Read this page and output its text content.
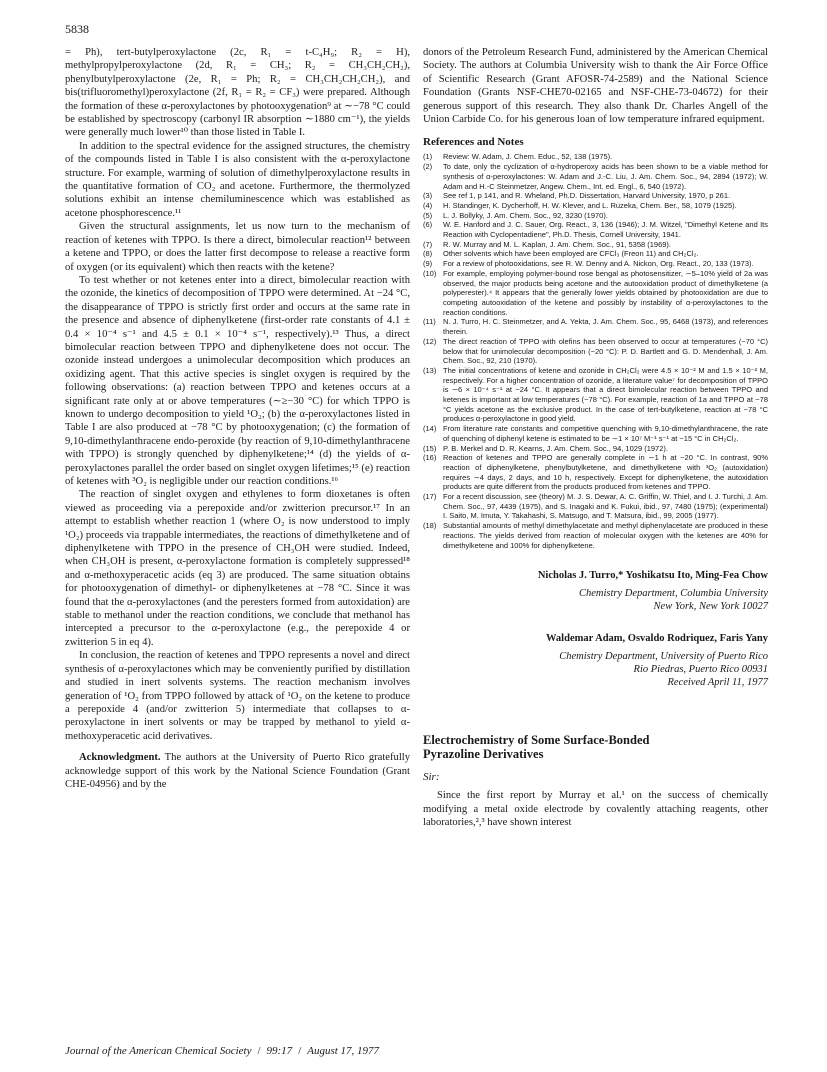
5838

= Ph), tert-butylperoxylactone (2c, R₁ = t-C₄H₉; R₂ = H), methylpropylperoxylactone (2d, R₁ = CH₃; R₂ = CH₃CH₂CH₂), phenylbutylperoxylactone (2e, R₁ = Ph; R₂ = CH₃CH₂CH₂CH₂), and bis(trifluoromethyl)peroxylactone (2f, R₁ = R₂ = CF₃) were prepared. Although the formation of these α-peroxylactones by photooxygenation⁹ at ∼−78 °C could be established by spectroscopy (carbonyl IR absorption ∼1880 cm⁻¹), the yields were generally much lower¹⁰ than those listed in Table I.

In addition to the spectral evidence for the assigned structures, the chemistry of the compounds listed in Table I is also consistent with the α-peroxylactone structure. For example, warming of solution of dimethylperoxylactone results in the quantitative formation of CO₂ and acetone. Furthermore, the thermolyzed solutions exhibit an intense chemiluminescence which was established as acetone phosphorescence.¹¹

Given the structural assignments, let us now turn to the mechanism of reaction of ketenes with TPPO. Is there a direct, bimolecular reaction¹² between a ketene and TPPO, or does the latter first decompose to release a reactive form of oxygen (or its equivalent) which then reacts with the ketene?

To test whether or not ketenes enter into a direct, bimolecular reaction with the ozonide, the kinetics of decomposition of TPPO were determined. At −24 °C, the disappearance of TPPO is strictly first order and occurs at the same rate in the presence and absence of diphenylketene (first-order rate constants of 4.1 ± 0.4 × 10⁻⁴ s⁻¹ and 4.5 ± 0.1 × 10⁻⁴ s⁻¹, respectively).¹³ Thus, a direct bimolecular reaction between TPPO and diphenylketene does not occur. The ozonide instead undergoes a unimolecular decomposition which produces an oxidizing agent. That this active species is singlet oxygen is required by the following observations: (a) reaction between TPPO and ketenes occurs at a significant rate only at or above temperatures (∼≥−30 °C) for which TPPO is known to undergo decomposition to yield ¹O₂; (b) the α-peroxylactones listed in Table I are also produced at −78 °C by photooxygenation; (c) the formation of 9,10-dimethylanthracene endo-peroxide (by reaction of 9,10-dimethylanthracene with TPPO) is strongly quenched by diphenylketene;¹⁴ (d) the yields of α-peroxylactones parallel the order based on singlet oxygen lifetimes;¹⁵ (e) reaction of ketenes with ³O₂ is negligible under our reaction conditions.¹⁶

The reaction of singlet oxygen and ethylenes to form dioxetanes is often viewed as proceeding via a perepoxide and/or zwitterion precursor.¹⁷ In an attempt to establish whether reaction 1 (where O₂ is now understood to imply ¹O₂) proceeds via trappable intermediates, the reactions of dimethylketene and of diphenylketene with TPPO in the presence of CH₃OH were studied. Indeed, when CH₃OH is present, α-peroxylactone formation is completely suppressed¹⁸ and α-methoxyperacetic acids (eq 3) are produced. The same situation obtains for photooxygenation of dimethyl- or diphenylketenes at −78 °C. Since it was found that the α-peroxylactones (and the peresters formed from autoxidation) are stable to methanol under the reaction conditions, we conclude that methanol has intercepted a precursor to the α-peroxylactone (e.g., the perepoxide 4 or zwitterion 5 in eq 4).

In conclusion, the reaction of ketenes and TPPO represents a novel and direct synthesis of α-peroxylactones which may be conveniently purified by distillation and studied in inert solvents systems. The reaction mechanism involves generation of ¹O₂ from TPPO followed by attack of ¹O₂ on the ketene to produce a perepoxide 4 (and/or zwitterion 5) intermediate that collapses to α-peroxylactone in inert solvents or may be trapped by methanol to yield α-methoxyperacetic acid derivatives.

Acknowledgment. The authors at the University of Puerto Rico gratefully acknowledge support of this work by the National Science Foundation (Grant CHE-04956) and by the

donors of the Petroleum Research Fund, administered by the American Chemical Society. The authors at Columbia University wish to thank the Air Force Office of Scientific Research (Grant AFOSR-74-2589) and the National Science Foundation (Grants NSF-CHE70-02165 and NSF-CHE-73-04672) for their generous support of this research. They also thank Dr. Charles Angell of the Union Carbide Co. for his generous loan of low temperature infrared equipment.

References and Notes
(1)	Review: W. Adam, J. Chem. Educ., 52, 138 (1975).
(2)	To date, only the cyclization of α-hydroperoxy acids has been shown to be a viable method for synthesis of α-peroxylactones: W. Adam and J.-C. Liu, J. Am. Chem. Soc., 94, 2894 (1972); W. Adam and H.-C Steinmetzer, Angew. Chem., Int. ed. Engl., 6, 540 (1972).
(3)	See ref 1, p 141, and R. Wheland, Ph.D. Dissertation, Harvard University, 1970, p 261.
(4)	H. Standinger, K. Dycherhoff, H. W. Klever, and L. Ruzeka, Chem. Ber., 58, 1079 (1925).
(5)	L. J. Bollyky, J. Am. Chem. Soc., 92, 3230 (1970).
(6)	W. E. Hanford and J. C. Sauer, Org. React., 3, 136 (1946); J. M. Witzel, "Dimethyl Ketene and Its Reaction with Cyclopentadiene", Ph.D. Thesis, Cornell University, 1941.
(7)	R. W. Murray and M. L. Kaplan, J. Am. Chem. Soc., 91, 5358 (1969).
(8)	Other solvents which have been employed are CFCl₃ (Freon 11) and CH₂Cl₂.
(9)	For a review of photooxidations, see R. W. Denny and A. Nickon, Org. React., 20, 133 (1973).
(10) For example, employing polymer-bound rose bengal as photosensitizer, ∼5–10% yield of 2a was observed, the major products being acetone and the autooxidation product of dimethylketene (a polyperester).⁴ It appears that the generally lower yields obtained by photooxidation are due to competing autooxidation of the ketene and possibly by instability of α-peroxylactones to the reaction conditions.
(11) N. J. Turro, H. C. Steinmetzer, and A. Yekta, J. Am. Chem. Soc., 95, 6468 (1973), and references therein.
(12) The direct reaction of TPPO with olefins has been observed to occur at temperatures (−70 °C) below that for unimolecular decomposition (−20 °C): P. D. Bartlett and G. D. Mendenhall, J. Am. Chem. Soc., 92, 210 (1970).
(13) The initial concentrations of ketene and ozonide in CH₂Cl₂ were 4.5 × 10⁻² M and 1.5 × 10⁻² M, respectively. For a higher concentration of ozonide, a literature value⁷ for decomposition of TPPO is ∼6 × 10⁻⁴ s⁻¹ at −24 °C. It appears that a direct bimolecular reaction between TPPO and ketenes is important at low temperatures (−78 °C). For example, reaction of 1a and TPPO at −78 °C yields acetone as the exclusive product. In the case of tert-butylketene, reaction at −78 °C produces α-peroxylactone in good yield.
(14) From literature rate constants and competitive quenching with 9,10-dimethylanthracene, the rate of quenching of diphenyl ketene is estimated to be ∼1 × 10⁷ M⁻¹ s⁻¹ at −15 °C in CH₂Cl₂.
(15) P. B. Merkel and D. R. Kearns, J. Am. Chem. Soc., 94, 1029 (1972).
(16) Reaction of ketenes and TPPO are generally complete in ∼1 h at −20 °C. In contrast, 90% reaction of diphenylketene, phenylbutylketene, and dimethylketene with ³O₂ (autoxidation) requires ∼4 days, 2 days, and 10 h, respectively. Except for diphenylketene, the autoxidation products are quite different from the products produced from ketenes and TPPO.
(17) For a recent discussion, see (theory) M. J. S. Dewar, A. C. Griffin, W. Thiel, and I. J. Turchi, J. Am. Chem. Soc., 97, 4439 (1975), and S. Inagaki and K. Fukui, ibid., 97, 7480 (1975); (experimental) I. Saito, M. Imuta, Y. Takahashi, S. Matsugo, and T. Matsura, ibid., 99, 2005 (1977).
(18) Substantial amounts of methyl dimethylacetate and methyl diphenylacetate are produced in these reactions. The yields derived from reaction of molecular oxygen with the ketenes are 40% for dimethylketene and 100% for diphenylketene.

Nicholas J. Turro,* Yoshikatsu Ito, Ming-Fea Chow

Chemistry Department, Columbia University

New York, New York 10027

Waldemar Adam, Osvaldo Rodriquez, Faris Yany

Chemistry Department, University of Puerto Rico

Rio Piedras, Puerto Rico 00931

Received April 11, 1977

Electrochemistry of Some Surface-Bonded
Pyrazoline Derivatives
Sir:

Since the first report by Murray et al.¹ on the success of chemically modifying a metal oxide electrode by covalently attaching reagents, other laboratories,²,³ have shown interest

Journal of the American Chemical Society / 99:17 / August 17, 1977
